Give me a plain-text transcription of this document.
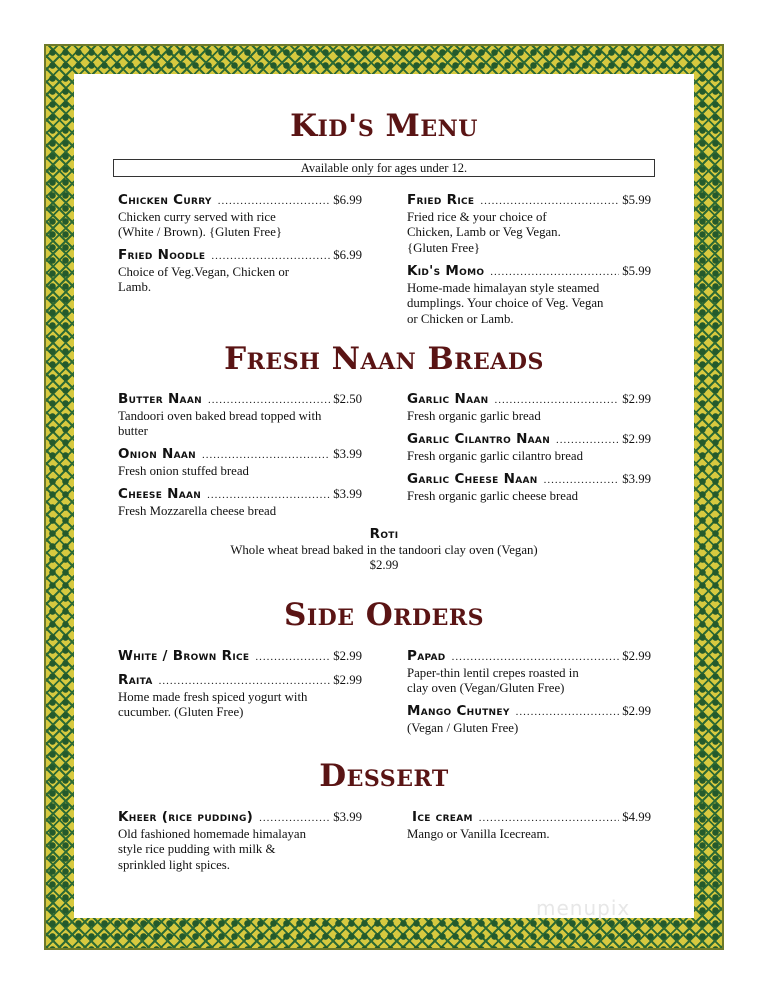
Kid's Menu
Available only for ages under 12.
Chicken Curry .....	$6.99
Chicken curry served with rice (White / Brown). {Gluten Free}
Fried Noodle .....	$6.99
Choice of Veg.Vegan, Chicken or Lamb.
Fried Rice .....	$5.99
Fried rice & your choice of Chicken, Lamb or Veg Vegan. {Gluten Free}
Kid's Momo .....	$5.99
Home-made himalayan style steamed dumplings. Your choice of Veg. Vegan or Chicken or Lamb.
Fresh Naan Breads
Butter Naan .....	$2.50
Tandoori oven baked bread topped with butter
Onion Naan .....	$3.99
Fresh onion stuffed bread
Cheese Naan .....	$3.99
Fresh Mozzarella cheese bread
Garlic Naan .....	$2.99
Fresh organic garlic bread
Garlic Cilantro Naan .....	$2.99
Fresh organic garlic cilantro bread
Garlic Cheese Naan .....	$3.99
Fresh organic garlic cheese bread
Roti
Whole wheat bread baked in the tandoori clay oven (Vegan)
$2.99
Side Orders
White / Brown Rice .....	$2.99
Raita .....	$2.99
Home made fresh spiced yogurt with cucumber. (Gluten Free)
Papad .....	$2.99
Paper-thin lentil crepes roasted in clay oven (Vegan/Gluten Free)
Mango Chutney .....	$2.99
(Vegan / Gluten Free)
Dessert
Kheer (rice pudding) .....	$3.99
Old fashioned homemade himalayan style rice pudding with milk & sprinkled light spices.
Ice cream .....	$4.99
Mango or Vanilla Icecream.
menupix
